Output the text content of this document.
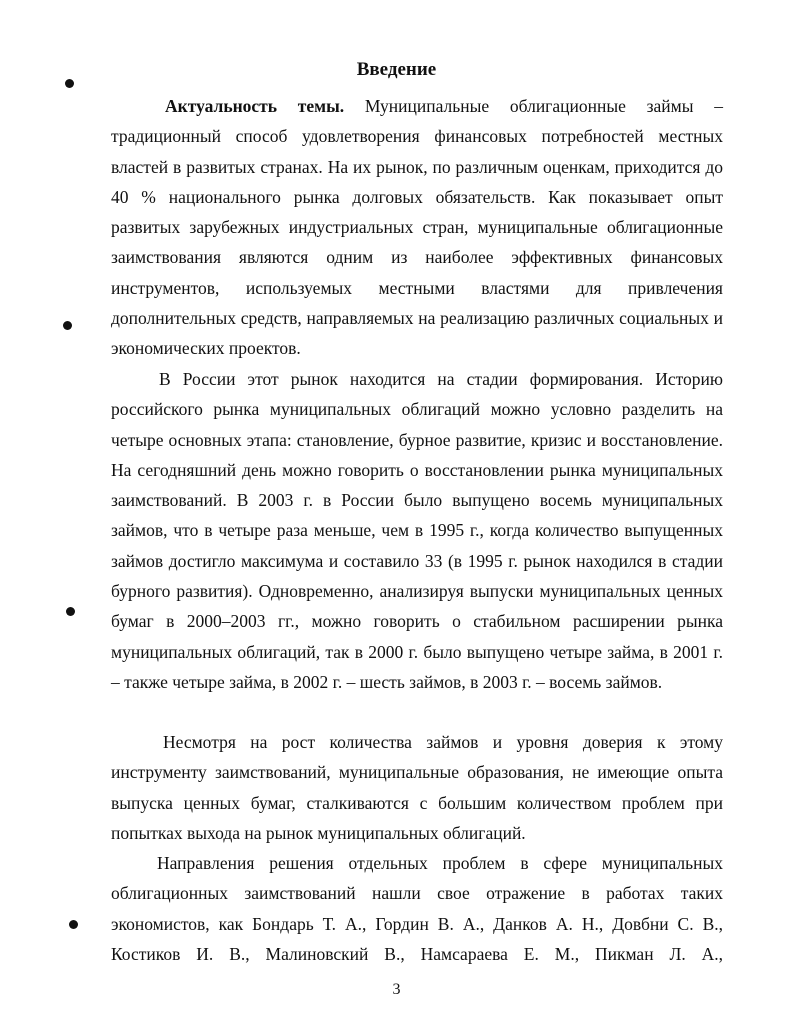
Введение

Актуальность темы. Муниципальные облигационные займы – традиционный способ удовлетворения финансовых потребностей местных властей в развитых странах. На их рынок, по различным оценкам, приходится до 40 % национального рынка долговых обязательств. Как показывает опыт развитых зарубежных индустриальных стран, муниципальные облигационные заимствования являются одним из наиболее эффективных финансовых инструментов, используемых местными властями для привлечения дополнительных средств, направляемых на реализацию различных социальных и экономических проектов.

В России этот рынок находится на стадии формирования. Историю российского рынка муниципальных облигаций можно условно разделить на четыре основных этапа: становление, бурное развитие, кризис и восстановление. На сегодняшний день можно говорить о восстановлении рынка муниципальных заимствований. В 2003 г. в России было выпущено восемь муниципальных займов, что в четыре раза меньше, чем в 1995 г., когда количество выпущенных займов достигло максимума и составило 33 (в 1995 г. рынок находился в стадии бурного развития). Одновременно, анализируя выпуски муниципальных ценных бумаг в 2000–2003 гг., можно говорить о стабильном расширении рынка муниципальных облигаций, так в 2000 г. было выпущено четыре займа, в 2001 г. – также четыре займа, в 2002 г. – шесть займов, в 2003 г. – восемь займов.

Несмотря на рост количества займов и уровня доверия к этому инструменту заимствований, муниципальные образования, не имеющие опыта выпуска ценных бумаг, сталкиваются с большим количеством проблем при попытках выхода на рынок муниципальных облигаций.

Направления решения отдельных проблем в сфере муниципальных облигационных заимствований нашли свое отражение в работах таких экономистов, как Бондарь Т. А., Гордин В. А., Данков А. Н., Довбни С. В., Костиков И. В., Малиновский В., Намсараева Е. М., Пикман Л. А.,

3
